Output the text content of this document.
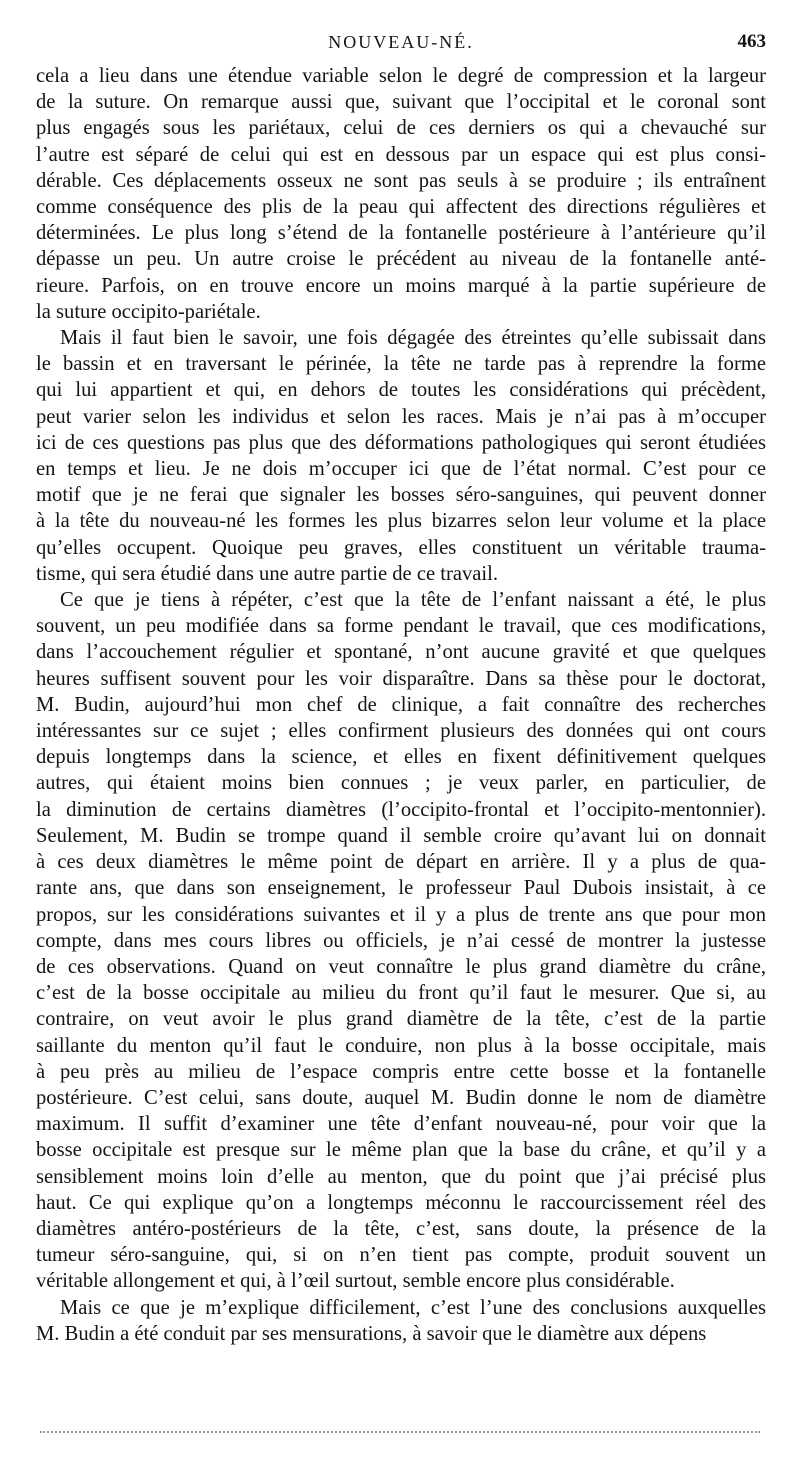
NOUVEAU-NÉ.	463
cela a lieu dans une étendue variable selon le degré de compression et la largeur
de la suture. On remarque aussi que, suivant que l’occipital et le coronal sont
plus engagés sous les pariétaux, celui de ces derniers os qui a chevauché sur
l’autre est séparé de celui qui est en dessous par un espace qui est plus consi-
dérable. Ces déplacements osseux ne sont pas seuls à se produire ; ils entraînent
comme conséquence des plis de la peau qui affectent des directions régulières et
déterminées. Le plus long s’étend de la fontanelle postérieure à l’antérieure qu’il
dépasse un peu. Un autre croise le précédent au niveau de la fontanelle anté-
rieure. Parfois, on en trouve encore un moins marqué à la partie supérieure de
la suture occipito-pariétale.
Mais il faut bien le savoir, une fois dégagée des étreintes qu’elle subissait dans
le bassin et en traversant le périnée, la tête ne tarde pas à reprendre la forme
qui lui appartient et qui, en dehors de toutes les considérations qui précèdent,
peut varier selon les individus et selon les races. Mais je n’ai pas à m’occuper
ici de ces questions pas plus que des déformations pathologiques qui seront étudiées
en temps et lieu. Je ne dois m’occuper ici que de l’état normal. C’est pour ce
motif que je ne ferai que signaler les bosses séro-sanguines, qui peuvent donner
à la tête du nouveau-né les formes les plus bizarres selon leur volume et la place
qu’elles occupent. Quoique peu graves, elles constituent un véritable trauma-
tisme, qui sera étudié dans une autre partie de ce travail.
Ce que je tiens à répéter, c’est que la tête de l’enfant naissant a été, le plus
souvent, un peu modifiée dans sa forme pendant le travail, que ces modifications,
dans l’accouchement régulier et spontané, n’ont aucune gravité et que quelques
heures suffisent souvent pour les voir disparaître. Dans sa thèse pour le doctorat,
M. Budin, aujourd’hui mon chef de clinique, a fait connaître des recherches
intéressantes sur ce sujet ; elles confirment plusieurs des données qui ont cours
depuis longtemps dans la science, et elles en fixent définitivement quelques
autres, qui étaient moins bien connues ; je veux parler, en particulier, de
la diminution de certains diamètres (l’occipito-frontal et l’occipito-mentonnier).
Seulement, M. Budin se trompe quand il semble croire qu’avant lui on donnait
à ces deux diamètres le même point de départ en arrière. Il y a plus de qua-
rante ans, que dans son enseignement, le professeur Paul Dubois insistait, à ce
propos, sur les considérations suivantes et il y a plus de trente ans que pour mon
compte, dans mes cours libres ou officiels, je n’ai cessé de montrer la justesse
de ces observations. Quand on veut connaître le plus grand diamètre du crâne,
c’est de la bosse occipitale au milieu du front qu’il faut le mesurer. Que si, au
contraire, on veut avoir le plus grand diamètre de la tête, c’est de la partie
saillante du menton qu’il faut le conduire, non plus à la bosse occipitale, mais
à peu près au milieu de l’espace compris entre cette bosse et la fontanelle
postérieure. C’est celui, sans doute, auquel M. Budin donne le nom de diamètre
maximum. Il suffit d’examiner une tête d’enfant nouveau-né, pour voir que la
bosse occipitale est presque sur le même plan que la base du crâne, et qu’il y a
sensiblement moins loin d’elle au menton, que du point que j’ai précisé plus
haut. Ce qui explique qu’on a longtemps méconnu le raccourcissement réel des
diamètres antéro-postérieurs de la tête, c’est, sans doute, la présence de la
tumeur séro-sanguine, qui, si on n’en tient pas compte, produit souvent un
véritable allongement et qui, à l’œil surtout, semble encore plus considérable.
Mais ce que je m’explique difficilement, c’est l’une des conclusions auxquelles
M. Budin a été conduit par ses mensurations, à savoir que le diamètre aux dépens
